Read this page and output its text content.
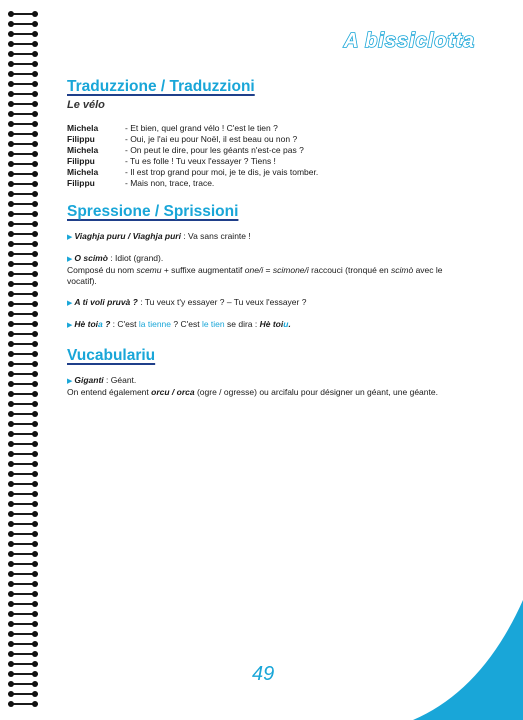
A bissiclotta
Traduzzione / Traduzzioni
Le vélo
Michela	- Et bien, quel grand vélo ! C'est le tien ?
Filippu	- Oui, je l'ai eu pour Noël, il est beau ou non ?
Michela	- On peut le dire, pour les géants n'est-ce pas ?
Filippu	- Tu es folle ! Tu veux l'essayer ? Tiens !
Michela	- Il est trop grand pour moi, je te dis, je vais tomber.
Filippu	- Mais non, trace, trace.
Spressione / Sprissioni

▶ Viaghja puru / Viaghja puri : Va sans crainte !

▶ O scimò : Idiot (grand).
Composé du nom scemu + suffixe augmentatif one/i = scimone/i raccouci (tronqué en scimò avec le vocatif).

▶ A ti voli pruvà ? : Tu veux t'y essayer ? – Tu veux l'essayer ?

▶ Hè toia ? : C'est la tienne ? C'est le tien se dira : Hè toiu.

Vucabulariu

▶ Giganti : Géant.
On entend également orcu / orca (ogre / ogresse) ou arcifalu pour désigner un géant, une géante.

49
